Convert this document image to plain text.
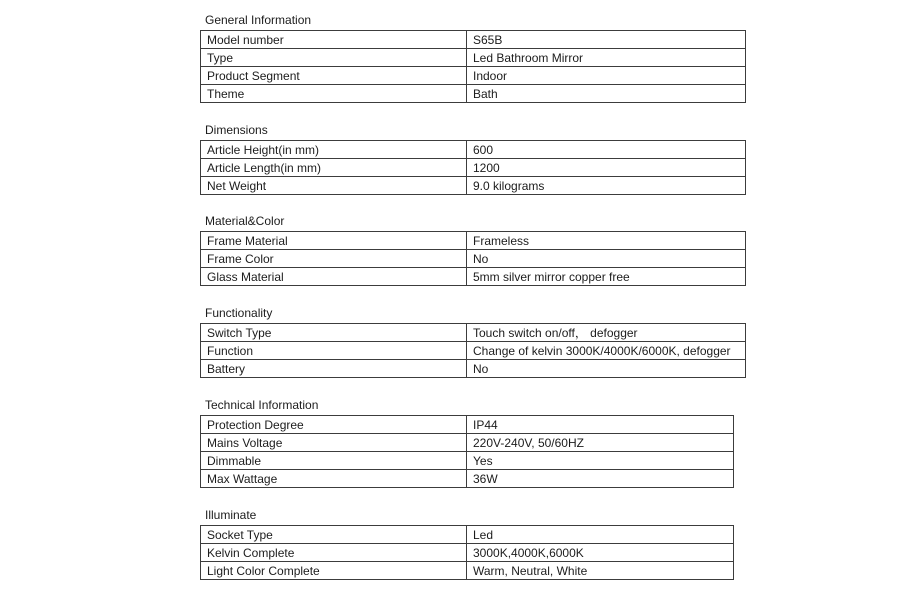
General Information
Model number	S65B
Type	Led Bathroom Mirror
Product Segment	Indoor
Theme	Bath
Dimensions
Article Height(in mm)	600
Article Length(in mm)	1200
Net Weight	9.0 kilograms
Material&Color
Frame Material	Frameless
Frame Color	No
Glass Material	5mm silver mirror copper free
Functionality
Switch Type	Touch switch on/off， defogger
Function	Change of kelvin 3000K/4000K/6000K, defogger
Battery	No
Technical Information
Protection Degree	IP44
Mains Voltage	220V-240V, 50/60HZ
Dimmable	Yes
Max Wattage	36W
Illuminate
Socket Type	Led
Kelvin Complete	3000K,4000K,6000K
Light Color Complete	Warm, Neutral, White
